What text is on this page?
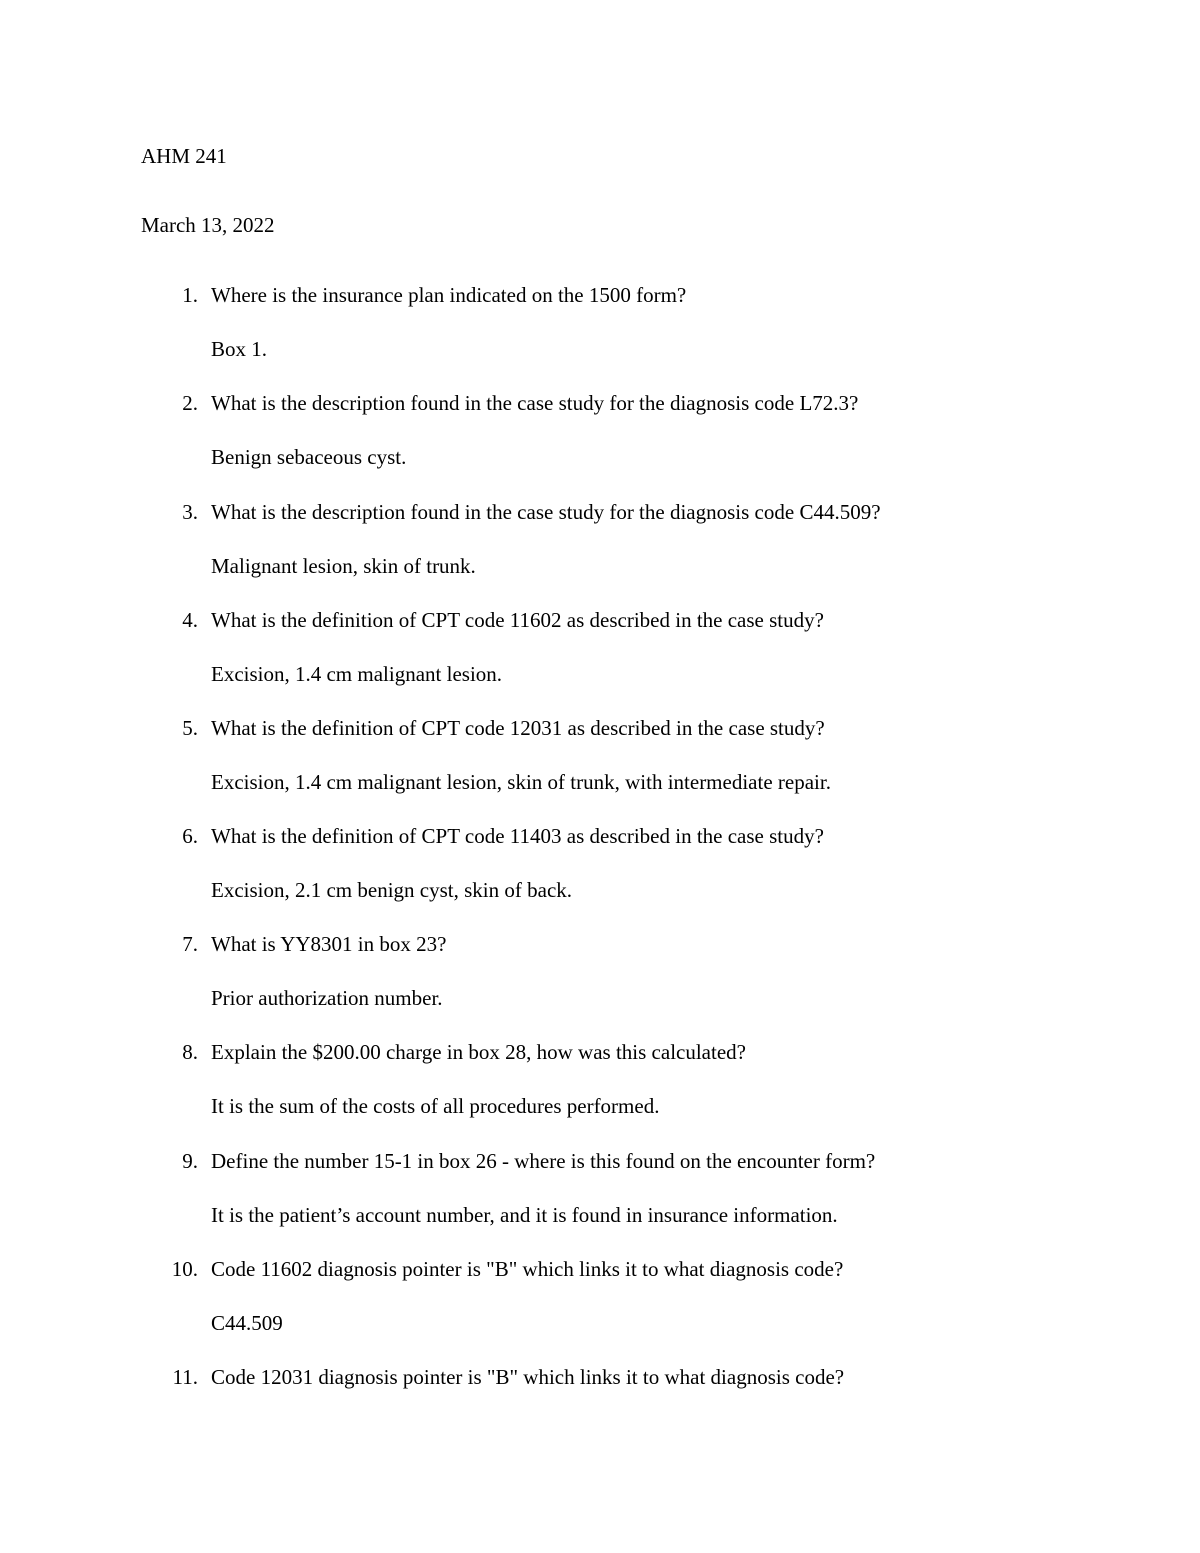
AHM 241
March 13, 2022
1. Where is the insurance plan indicated on the 1500 form?
Box 1.
2. What is the description found in the case study for the diagnosis code L72.3?
Benign sebaceous cyst.
3. What is the description found in the case study for the diagnosis code C44.509?
Malignant lesion, skin of trunk.
4. What is the definition of CPT code 11602 as described in the case study?
Excision, 1.4 cm malignant lesion.
5. What is the definition of CPT code 12031 as described in the case study?
Excision, 1.4 cm malignant lesion, skin of trunk, with intermediate repair.
6. What is the definition of CPT code 11403 as described in the case study?
Excision, 2.1 cm benign cyst, skin of back.
7. What is YY8301 in box 23?
Prior authorization number.
8. Explain the $200.00 charge in box 28, how was this calculated?
It is the sum of the costs of all procedures performed.
9. Define the number 15-1 in box 26 - where is this found on the encounter form?
It is the patient’s account number, and it is found in insurance information.
10. Code 11602 diagnosis pointer is "B" which links it to what diagnosis code?
C44.509
11. Code 12031 diagnosis pointer is "B" which links it to what diagnosis code?
